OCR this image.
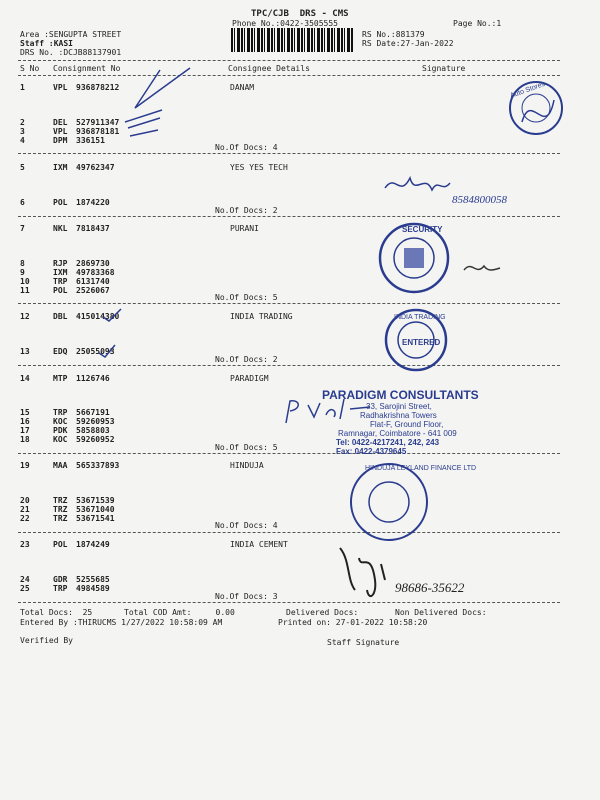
TPC/CJB  DRS - CMS
Phone No.:0422-3505555	Page No.:1
Area :SENGUPTA STREET
Staff :KASI
DRS No. :DCJB88137901
RS No.:881379
RS Date:27-Jan-2022
S No Consignment No	Consignee Details	Signature
1	VPL 936878212	DANAM
2	DEL 527911347
3	VPL 936878181
4	DPM 336151
No.Of Docs: 4
5	IXM 49762347	YES YES TECH
6	POL 1874220
No.Of Docs: 2
7	NKL 7818437	PURANI
8	RJP 2869730
9	IXM 49783368
10	TRP 6131740
11	POL 2526067
No.Of Docs: 5
12	DBL 415014380	INDIA TRADING
13	EDQ 25055093
No.Of Docs: 2
14	MTP 1126746	PARADIGM
15	TRP 5667191
16	KOC 59260953
17	PDK 5858803
18	KOC 59260952
No.Of Docs: 5
19	MAA 565337893	HINDUJA
20	TRZ 53671539
21	TRZ 53671040
22	TRZ 53671541
No.Of Docs: 4
23	POL 1874249	INDIA CEMENT
24	GDR 5255685
25	TRP 4984589
No.Of Docs: 3
Total Docs:  25	Total COD Amt:     0.00	Delivered Docs:	Non Delivered Docs:
Entered By :THIRUCMS 1/27/2022 10:58:09 AM	Printed on: 27-01-2022 10:58:20
Verified By	Staff Signature
Auto Stores
8584800058
SECURITY
INDIA TRADING
ENTERED
PARADIGM CONSULTANTS
33, Sarojini Street,
Radhakrishna Towers
Flat-F, Ground Floor,
Ramnagar, Coimbatore - 641 009
Tel: 0422-4217241, 242, 243
Fax: 0422-4379645
HINDUJA LEYLAND FINANCE LTD
98686-35622
